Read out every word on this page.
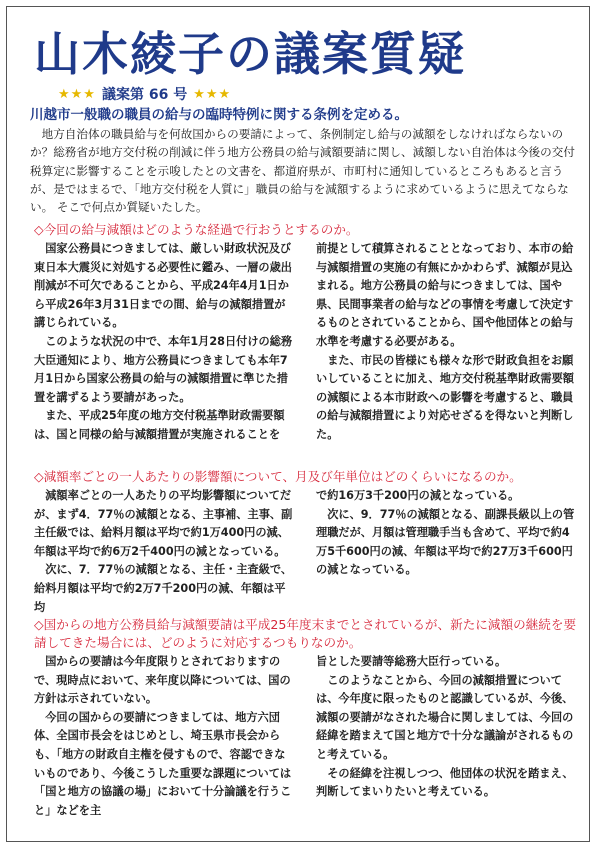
山木綾子の議案質疑
★★★ 議案第 66 号 ★★★
川越市一般職の職員の給与の臨時特例に関する条例を定める。
地方自治体の職員給与を何故国からの要請によって、条例制定し給与の減額をしなければならないのか？総務省が地方交付税の削減に伴う地方公務員の給与減額要請に関し、減額しない自治体は今後の交付税算定に影響することを示唆したとの文書を、都道府県が、市町村に通知しているところもあると言うが、是ではまるで、「地方交付税を人質に」職員の給与を減額するように求めているように思えてならない。 そこで何点か質疑いたした。
◇今回の給与減額はどのような経過で行おうとするのか。

国家公務員につきましては、厳しい財政状況及び東日本大震災に対処する必要性に鑑み、一層の歳出削減が不可欠であることから、平成24年4月1日から平成26年3月31日までの間、給与の減額措置が講じられている。

このような状況の中で、本年1月28日付けの総務大臣通知により、地方公務員につきましても本年7月1日から国家公務員の給与の減額措置に準じた措置を講ずるよう要請があった。

また、平成25年度の地方交付税基準財政需要額は、国と同様の給与減額措置が実施されることを

前提として積算されることとなっており、本市の給与減額措置の実施の有無にかかわらず、減額が見込まれる。地方公務員の給与につきましては、国や県、民間事業者の給与などの事情を考慮して決定するものとされていることから、国や他団体との給与水準を考慮する必要がある。

また、市民の皆様にも様々な形で財政負担をお願いしていることに加え、地方交付税基準財政需要額の減額による本市財政への影響を考慮すると、職員の給与減額措置により対応せざるを得ないと判断した。

◇減額率ごとの一人あたりの影響額について、月及び年単位はどのくらいになるのか。

減額率ごとの一人あたりの平均影響額についてだが、まず4．77％の減額となる、主事補、主事、副主任級では、給料月額は平均で約1万400円の減、年額は平均で約6万2千400円の減となっている。

次に、7．77％の減額となる、主任・主査級で、給料月額は平均で約2万7千200円の減、年額は平均

で約16万3千200円の減となっている。

次に、9．77％の減額となる、副課長級以上の管理職だが、月額は管理職手当も含めて、平均で約4万5千600円の減、年額は平均で約27万3千600円の減となっている。

◇国からの地方公務員給与減額要請は平成25年度末までとされているが、新たに減額の継続を要請してきた場合には、どのように対応するつもりなのか。

国からの要請は今年度限りとされておりますので、現時点において、来年度以降については、国の方針は示されていない。

今回の国からの要請につきましては、地方六団体、全国市長会をはじめとし、埼玉県市長会からも、「地方の財政自主権を侵すもので、容認できないものであり、今後こうした重要な課題については「国と地方の協議の場」において十分論議を行うこと」などを主

旨とした要請等総務大臣行っている。

このようなことから、今回の減額措置については、今年度に限ったものと認識しているが、今後、減額の要請がなされた場合に関しましては、今回の経緯を踏まえて国と地方で十分な議論がされるものと考えている。

その経緯を注視しつつ、他団体の状況を踏まえ、判断してまいりたいと考えている。
